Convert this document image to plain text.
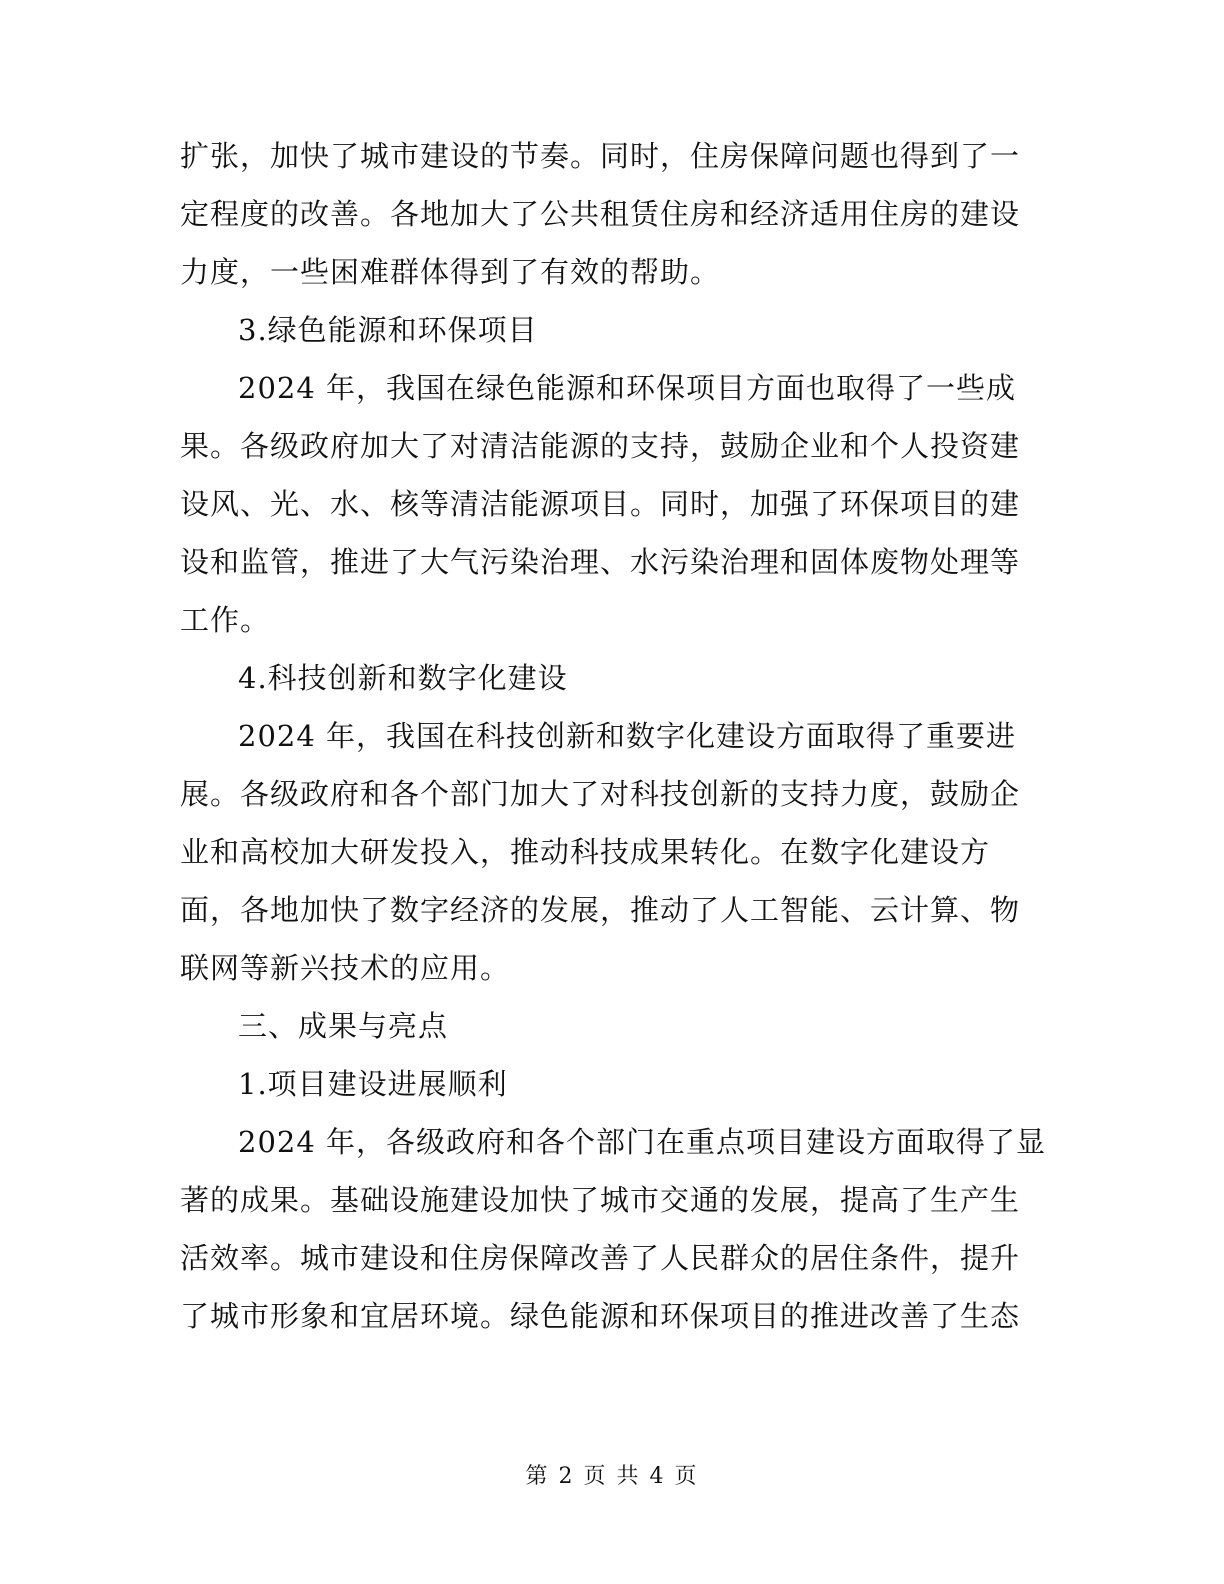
扩张，加快了城市建设的节奏。同时，住房保障问题也得到了一
定程度的改善。各地加大了公共租赁住房和经济适用住房的建设
力度，一些困难群体得到了有效的帮助。
3.绿色能源和环保项目
2024 年，我国在绿色能源和环保项目方面也取得了一些成
果。各级政府加大了对清洁能源的支持，鼓励企业和个人投资建
设风、光、水、核等清洁能源项目。同时，加强了环保项目的建
设和监管，推进了大气污染治理、水污染治理和固体废物处理等
工作。
4.科技创新和数字化建设
2024 年，我国在科技创新和数字化建设方面取得了重要进
展。各级政府和各个部门加大了对科技创新的支持力度，鼓励企
业和高校加大研发投入，推动科技成果转化。在数字化建设方
面，各地加快了数字经济的发展，推动了人工智能、云计算、物
联网等新兴技术的应用。
三、成果与亮点
1.项目建设进展顺利
2024 年，各级政府和各个部门在重点项目建设方面取得了显
著的成果。基础设施建设加快了城市交通的发展，提高了生产生
活效率。城市建设和住房保障改善了人民群众的居住条件，提升
了城市形象和宜居环境。绿色能源和环保项目的推进改善了生态
第 2 页 共 4 页
